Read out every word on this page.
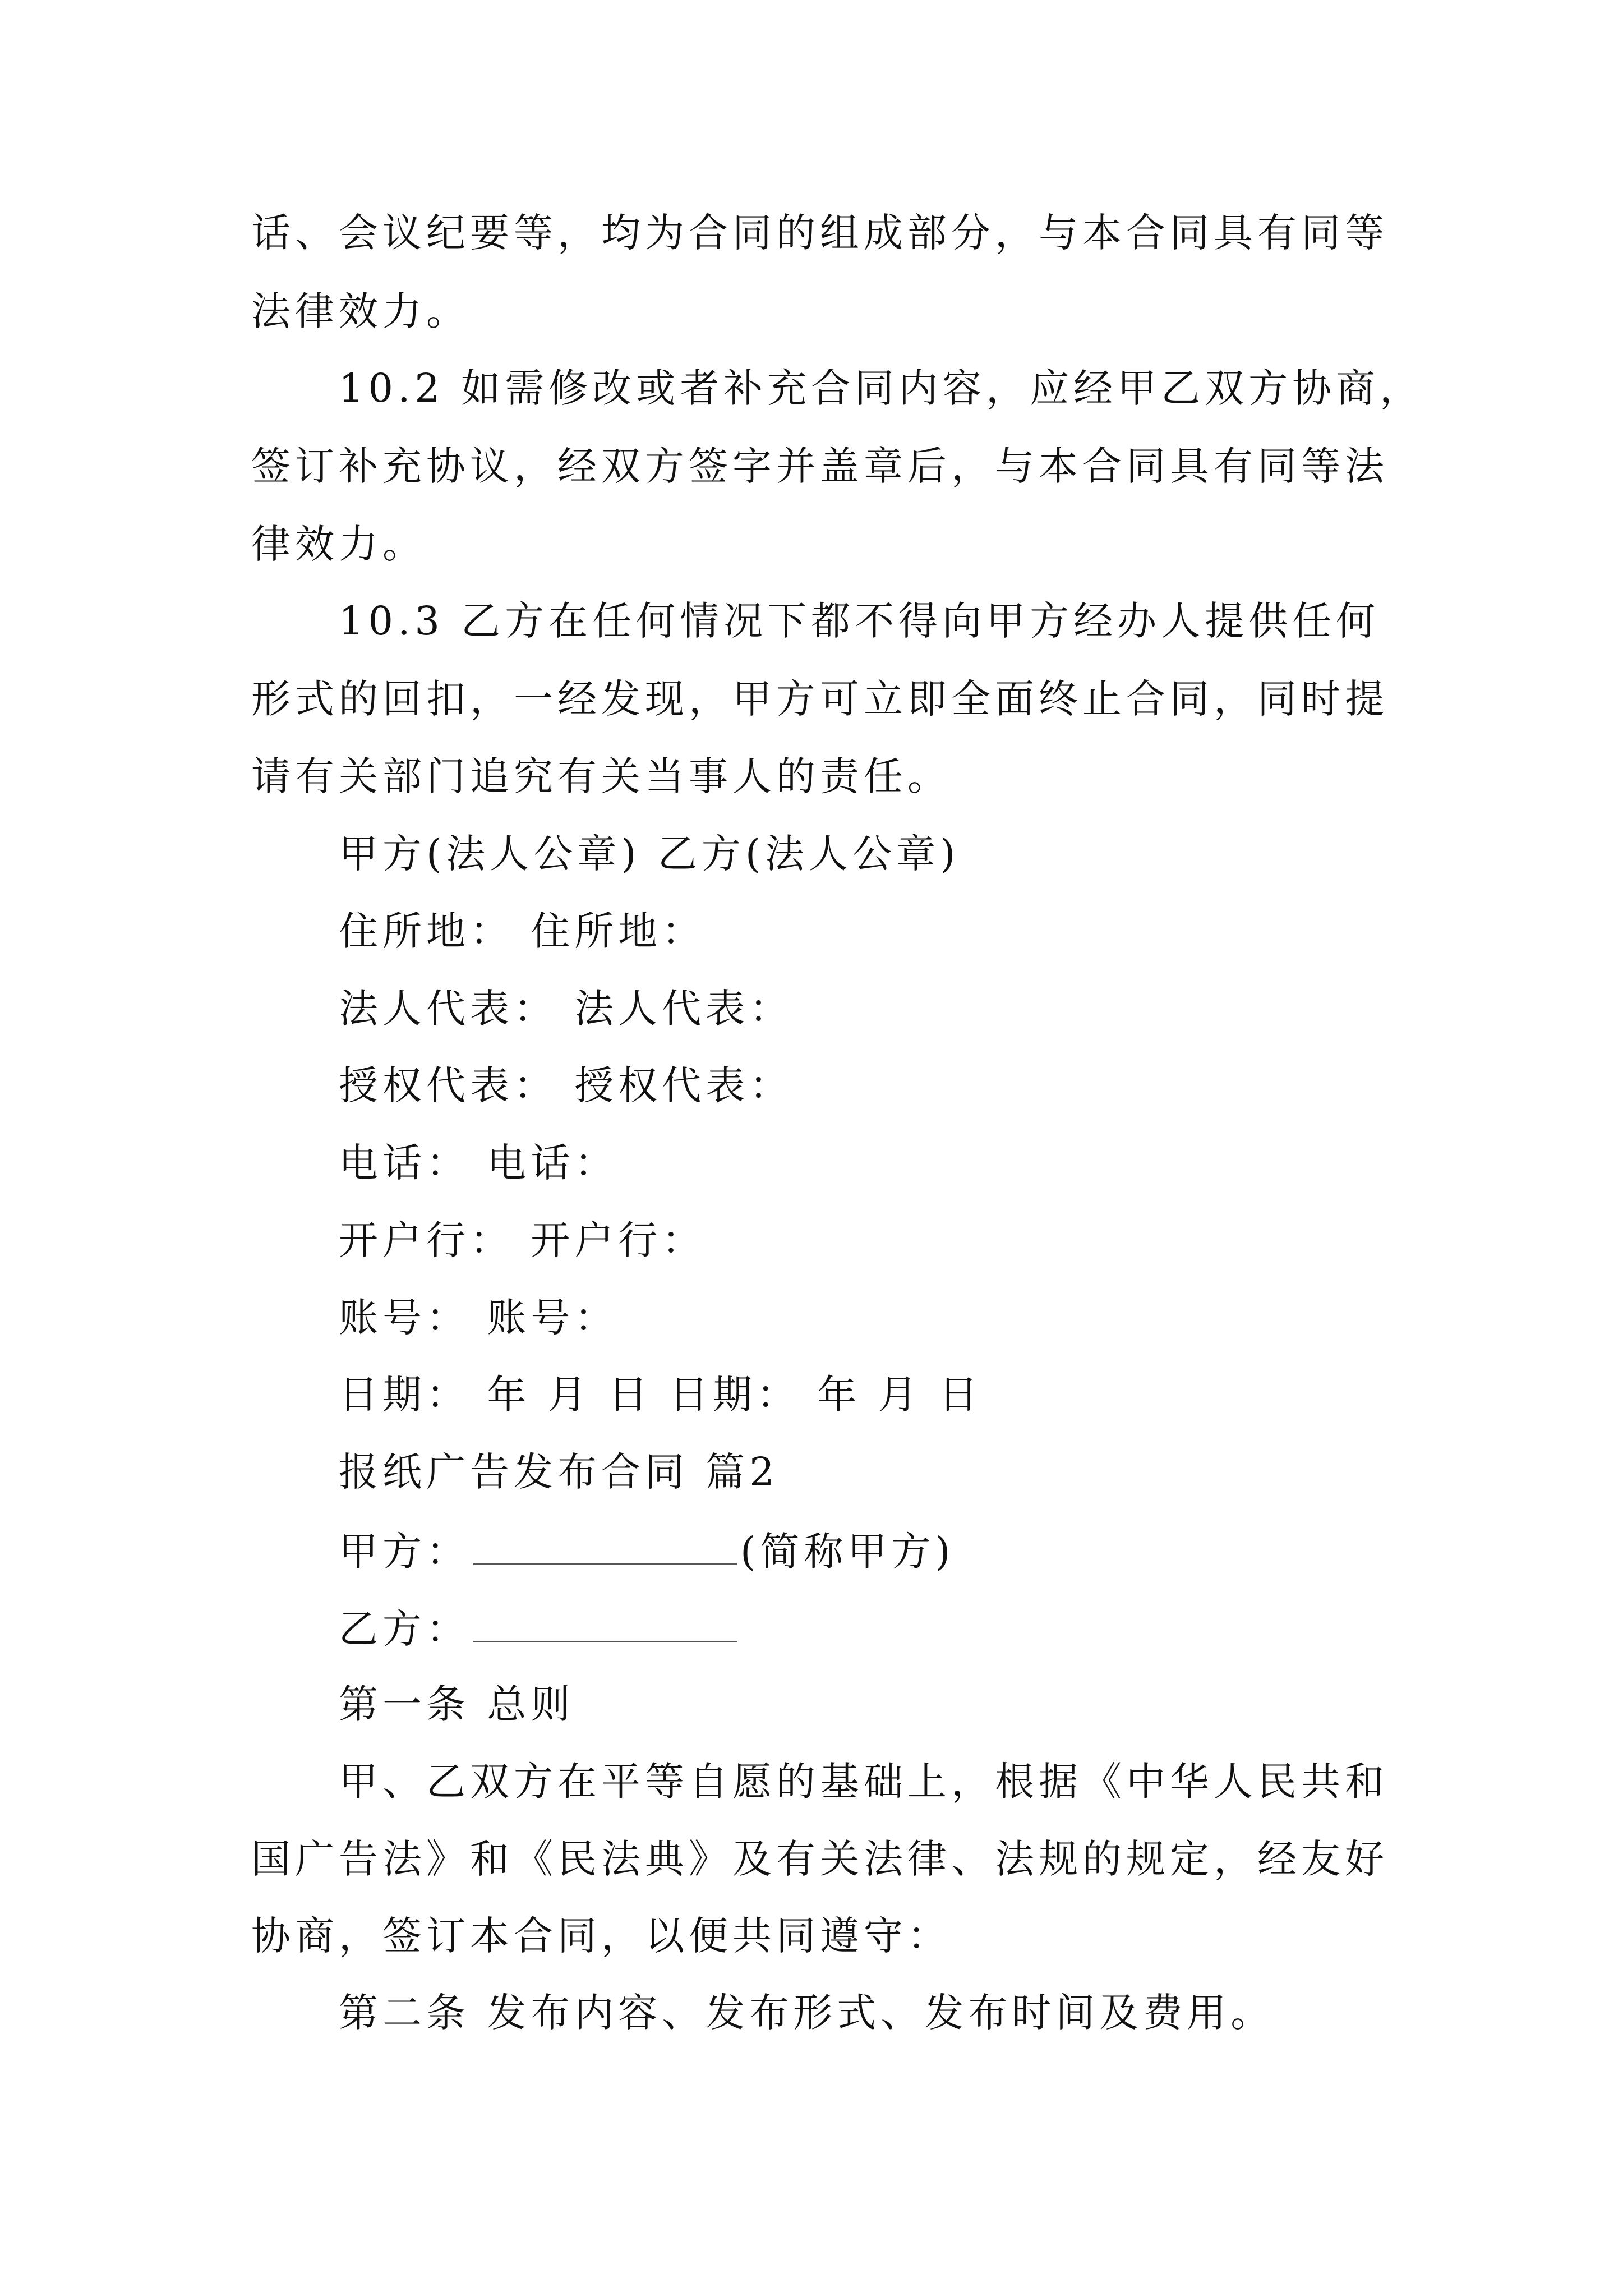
话、会议纪要等，均为合同的组成部分，与本合同具有同等
法律效力。
10.2 如需修改或者补充合同内容，应经甲乙双方协商，
签订补充协议，经双方签字并盖章后，与本合同具有同等法
律效力。
10.3 乙方在任何情况下都不得向甲方经办人提供任何
形式的回扣，一经发现，甲方可立即全面终止合同，同时提
请有关部门追究有关当事人的责任。
甲方(法人公章) 乙方(法人公章)
住所地： 住所地：
法人代表： 法人代表：
授权代表： 授权代表：
电话： 电话：
开户行： 开户行：
账号： 账号：
日期： 年 月 日 日期： 年 月 日
报纸广告发布合同 篇2
甲方：	(简称甲方)
乙方：
第一条 总则
甲、乙双方在平等自愿的基础上，根据《中华人民共和
国广告法》和《民法典》及有关法律、法规的规定，经友好
协商，签订本合同，以便共同遵守：
第二条 发布内容、发布形式、发布时间及费用。
